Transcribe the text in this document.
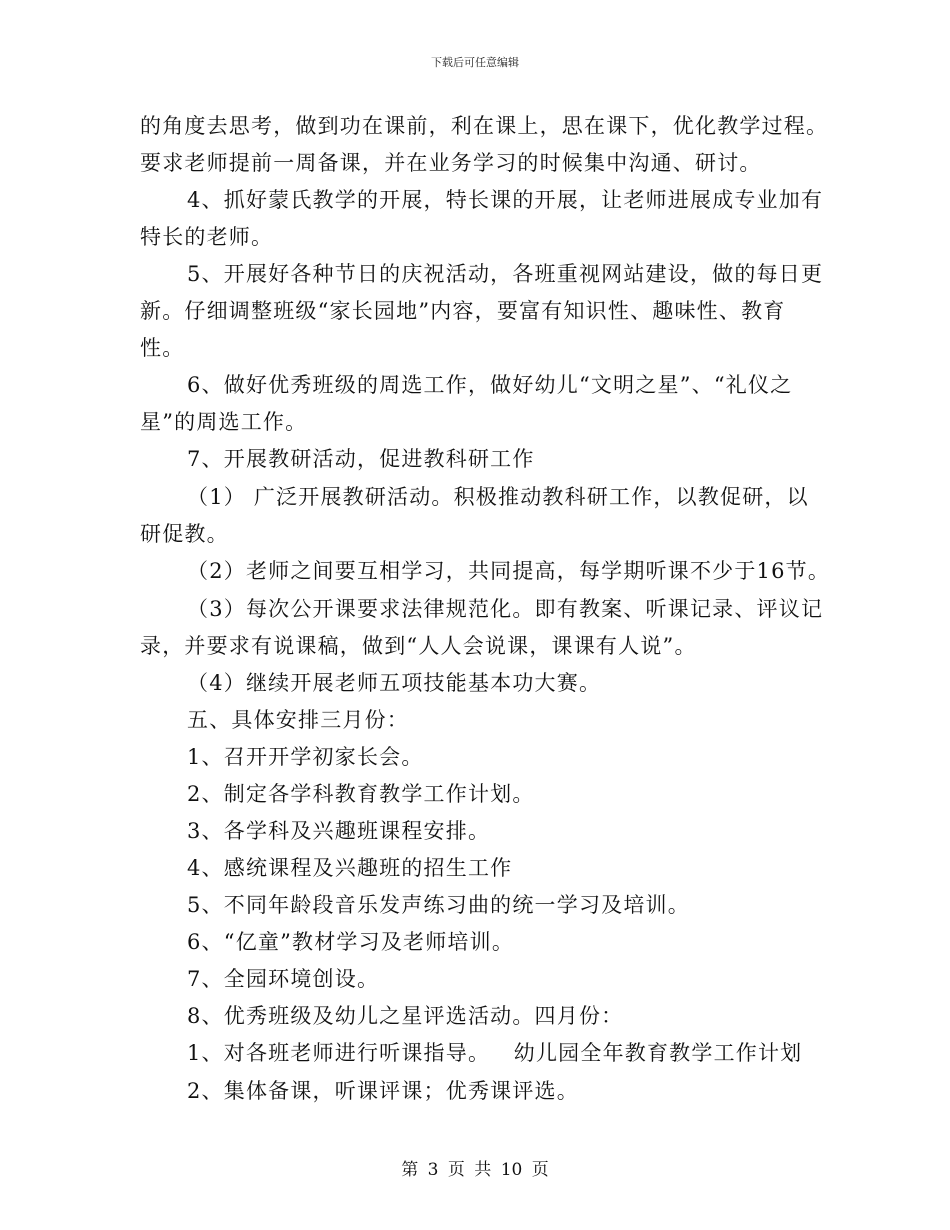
下载后可任意编辑
的角度去思考，做到功在课前，利在课上，思在课下，优化教学过程。
要求老师提前一周备课，并在业务学习的时候集中沟通、研讨。
4、抓好蒙氏教学的开展，特长课的开展，让老师进展成专业加有
特长的老师。
5、开展好各种节日的庆祝活动，各班重视网站建设，做的每日更
新。仔细调整班级“家长园地”内容，要富有知识性、趣味性、教育
性。
6、做好优秀班级的周选工作，做好幼儿“文明之星”、“礼仪之
星”的周选工作。
7、开展教研活动，促进教科研工作
（1） 广泛开展教研活动。积极推动教科研工作，以教促研，以
研促教。
（2）老师之间要互相学习，共同提高，每学期听课不少于16节。
（3）每次公开课要求法律规范化。即有教案、听课记录、评议记
录，并要求有说课稿，做到“人人会说课，课课有人说”。
（4）继续开展老师五项技能基本功大赛。
五、具体安排三月份：
1、召开开学初家长会。
2、制定各学科教育教学工作计划。
3、各学科及兴趣班课程安排。
4、感统课程及兴趣班的招生工作
5、不同年龄段音乐发声练习曲的统一学习及培训。
6、“亿童”教材学习及老师培训。
7、全园环境创设。
8、优秀班级及幼儿之星评选活动。四月份：
1、对各班老师进行听课指导。   幼儿园全年教育教学工作计划
2、集体备课，听课评课；优秀课评选。
第 3 页 共 10 页
